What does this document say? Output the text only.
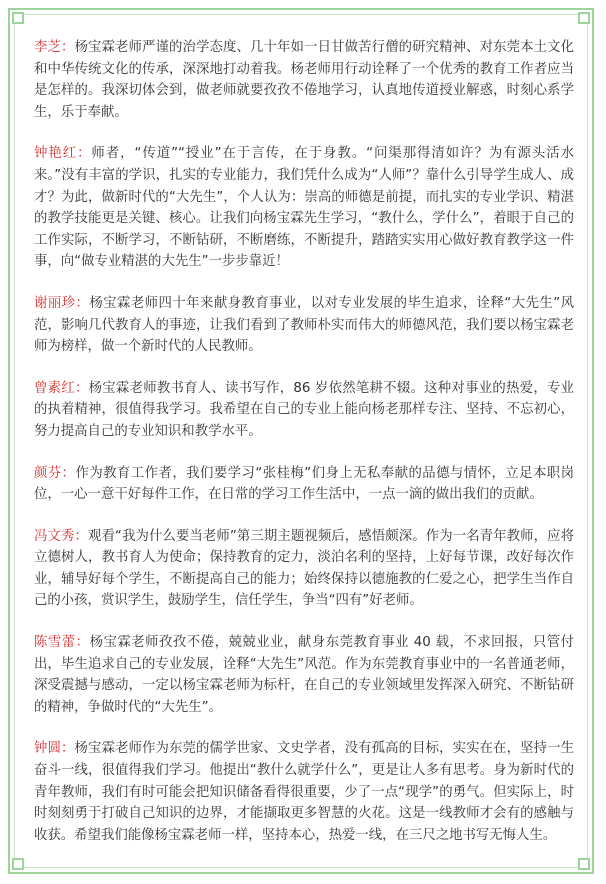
李芝：杨宝霖老师严谨的治学态度、几十年如一日甘做苦行僧的研究精神、对东莞本土文化和中华传统文化的传承，深深地打动着我。杨老师用行动诠释了一个优秀的教育工作者应当是怎样的。我深切体会到，做老师就要孜孜不倦地学习，认真地传道授业解惑，时刻心系学生，乐于奉献。

钟艳红：师者，“传道”“授业”在于言传，在于身教。“问渠那得清如许？为有源头活水来。”没有丰富的学识，扎实的专业能力，我们凭什么成为“人师”？靠什么引导学生成人、成才？为此，做新时代的“大先生”，个人认为：崇高的师德是前提，而扎实的专业学识、精湛的教学技能更是关键、核心。让我们向杨宝霖先生学习，“教什么，学什么”，着眼于自己的工作实际，不断学习，不断钻研，不断磨练，不断提升，踏踏实实用心做好教育教学这一件事，向“做专业精湛的大先生”一步步靠近！

谢丽珍：杨宝霖老师四十年来献身教育事业，以对专业发展的毕生追求，诠释“大先生”风范，影响几代教育人的事迹，让我们看到了教师朴实而伟大的师德风范，我们要以杨宝霖老师为榜样，做一个新时代的人民教师。

曾素红：杨宝霖老师教书育人、读书写作，86 岁依然笔耕不辍。这种对事业的热爱，专业的执着精神，很值得我学习。我希望在自己的专业上能向杨老那样专注、坚持、不忘初心，努力提高自己的专业知识和教学水平。

颜芬：作为教育工作者，我们要学习“张桂梅”们身上无私奉献的品德与情怀，立足本职岗位，一心一意干好每件工作，在日常的学习工作生活中，一点一滴的做出我们的贡献。

冯文秀：观看“我为什么要当老师”第三期主题视频后，感悟颇深。作为一名青年教师，应将立德树人，教书育人为使命；保持教育的定力，淡泊名利的坚持，上好每节课，改好每次作业，辅导好每个学生，不断提高自己的能力；始终保持以德施教的仁爱之心，把学生当作自己的小孩，赏识学生，鼓励学生，信任学生，争当“四有”好老师。

陈雪蕾：杨宝霖老师孜孜不倦，兢兢业业，献身东莞教育事业 40 载，不求回报，只管付出，毕生追求自己的专业发展，诠释“大先生”风范。作为东莞教育事业中的一名普通老师，深受震撼与感动，一定以杨宝霖老师为标杆，在自己的专业领域里发挥深入研究、不断钻研的精神，争做时代的“大先生”。

钟圆：杨宝霖老师作为东莞的儒学世家、文史学者，没有孤高的目标，实实在在，坚持一生奋斗一线，很值得我们学习。他提出“教什么就学什么”，更是让人多有思考。身为新时代的青年教师，我们有时可能会把知识储备看得很重要，少了一点“现学”的勇气。但实际上，时时刻刻勇于打破自己知识的边界，才能撷取更多智慧的火花。这是一线教师才会有的感触与收获。希望我们能像杨宝霖老师一样，坚持本心，热爱一线，在三尺之地书写无悔人生。
